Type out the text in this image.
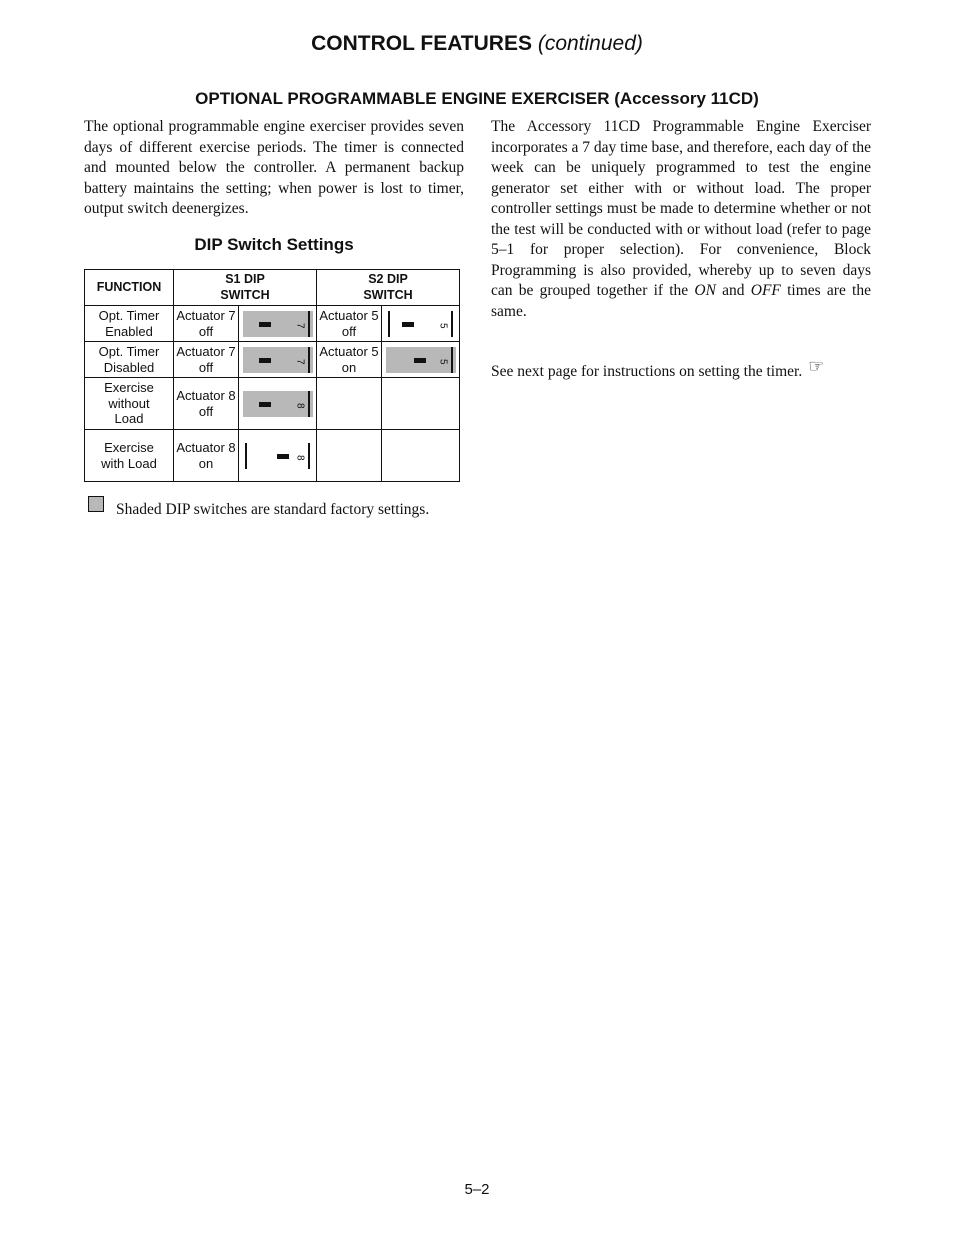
CONTROL FEATURES (continued)
OPTIONAL PROGRAMMABLE ENGINE EXERCISER (Accessory 11CD)

The optional programmable engine exerciser provides seven days of different exercise periods. The timer is connected and mounted below the controller. A permanent backup battery maintains the setting; when power is lost to timer, output switch deenergizes.

DIP Switch Settings
FUNCTION	S1 DIP SWITCH		S2 DIP SWITCH	

Opt. Timer Enabled	Actuator 7 off	7	Actuator 5 off	5

Opt. Timer Disabled	Actuator 7 off	7	Actuator 5 on	5

Exercise without Load	Actuator 8 off	8		

Exercise with Load	Actuator 8 on	8		

Shaded DIP switches are standard factory settings.

The Accessory 11CD Programmable Engine Exerciser incorporates a 7 day time base, and therefore, each day of the week can be uniquely programmed to test the engine generator set either with or without load. The proper controller settings must be made to determine whether or not the test will be conducted with or without load (refer to page 5–1 for proper selection). For convenience, Block Programming is also provided, whereby up to seven days can be grouped together if the ON and OFF times are the same.

See next page for instructions on setting the timer. ☞
5–2
